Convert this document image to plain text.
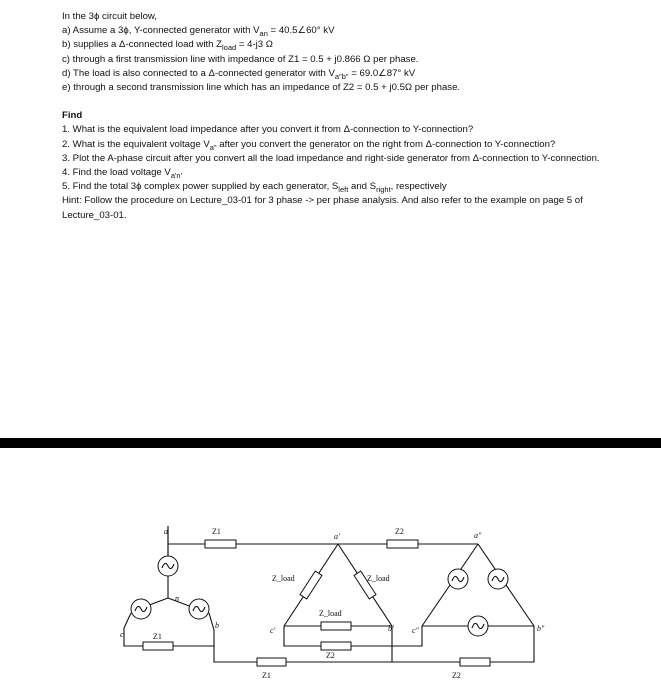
In the 3ϕ circuit below,
a) Assume a 3ϕ, Y-connected generator with $V_{an}$ = 40.5∠60° kV
b) supplies a Δ-connected load with $Z_{load} = 4-j3$ Ω
c) through a first transmission line with impedance of Z1 = 0.5 + j0.866 Ω per phase.
d) The load is also connected to a Δ-connected generator with $V_{a"b"}$ = 69.0∠87° kV
e) through a second transmission line which has an impedance of Z2 = 0.5 + j0.5Ω per phase.
Find
1. What is the equivalent load impedance after you convert it from Δ-connection to Y-connection?
2. What is the equivalent voltage $V_{a"}$ after you convert the generator on the right from Δ-connection to Y-connection?
3. Plot the A-phase circuit after you convert all the load impedance and right-side generator from Δ-connection to Y-connection.
4. Find the load voltage $V_{a'n'}$
5. Find the total 3ϕ complex power supplied by each generator, $S_{left}$ and $S_{right}$, respectively
Hint: Follow the procedure on Lecture_03-01 for 3 phase -> per phase analysis. And also refer to the example on page 5 of Lecture_03-01.
a
n
b
c
Z1	Z2
a'
Z_load	Z_load
Z_load
c'	b'
Z1
Z1
Z2
a"
b"
c"
Z2
